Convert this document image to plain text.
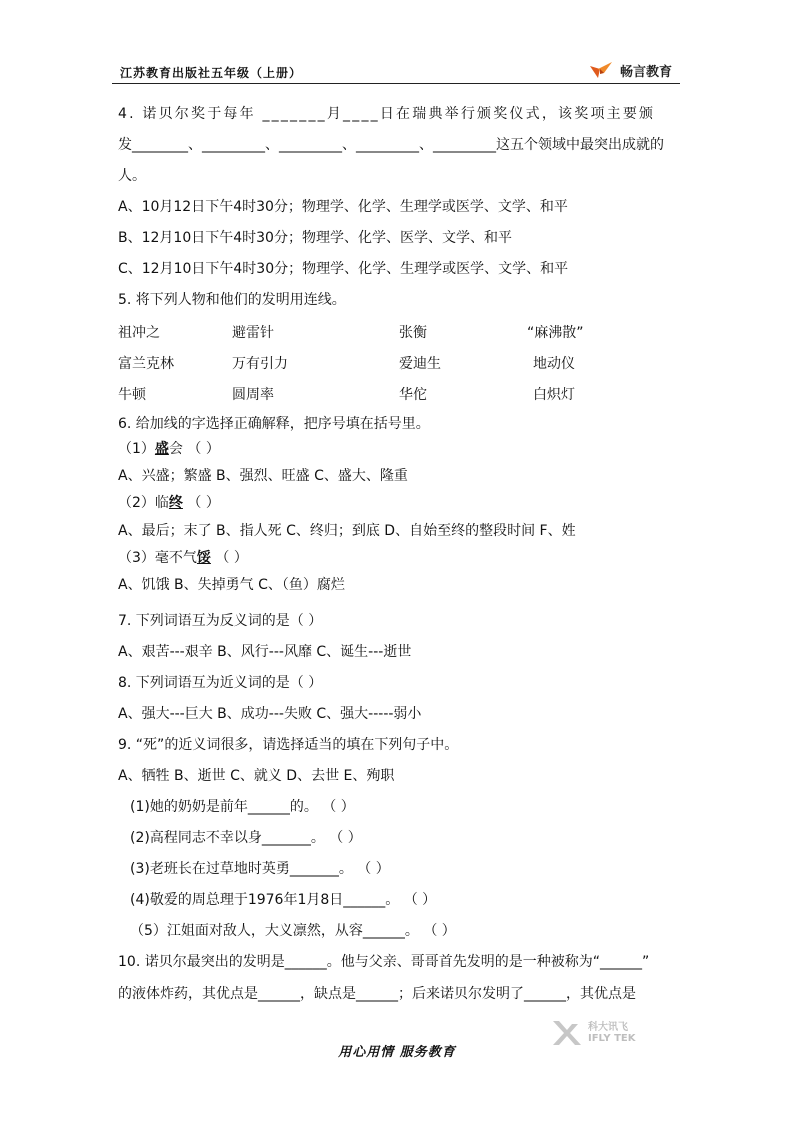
江苏教育出版社五年级（上册）	畅言教育
4. 诺贝尔奖于每年 _______月____日在瑞典举行颁奖仪式，该奖项主要颁
发________、_________、_________、_________、_________这五个领域中最突出成就的
人。
A、10月12日下午4时30分；物理学、化学、生理学或医学、文学、和平
B、12月10日下午4时30分；物理学、化学、医学、文学、和平
C、12月10日下午4时30分；物理学、化学、生理学或医学、文学、和平
5. 将下列人物和他们的发明用连线。
祖冲之	避雷针	张衡	“麻沸散”
富兰克林	万有引力	爱迪生	地动仪
牛顿	圆周率	华佗	白炽灯
6. 给加线的字选择正确解释，把序号填在括号里。
（1）盛会 （ ）
A、兴盛；繁盛 B、强烈、旺盛 C、盛大、隆重
（2）临终 （ ）
A、最后；末了 B、指人死 C、终归；到底 D、自始至终的整段时间 F、姓
（3）毫不气馁 （ ）
A、饥饿 B、失掉勇气 C、（鱼）腐烂
7. 下列词语互为反义词的是（ ）
A、艰苦---艰辛 B、风行---风靡 C、诞生---逝世
8. 下列词语互为近义词的是（ ）
A、强大---巨大 B、成功---失败 C、强大-----弱小
9. “死”的近义词很多，请选择适当的填在下列句子中。
A、牺牲 B、逝世 C、就义 D、去世 E、殉职
(1)她的奶奶是前年______的。 （ ）
(2)高程同志不幸以身_______。 （ ）
(3)老班长在过草地时英勇_______。 （ ）
(4)敬爱的周总理于1976年1月8日______。 （ ）
（5）江姐面对敌人，大义凛然，从容______。 （ ）
10. 诺贝尔最突出的发明是______。他与父亲、哥哥首先发明的是一种被称为“______”
的液体炸药，其优点是______，缺点是______；后来诺贝尔发明了______，其优点是
用心用情 服务教育
科大讯飞
IFLY TEK
